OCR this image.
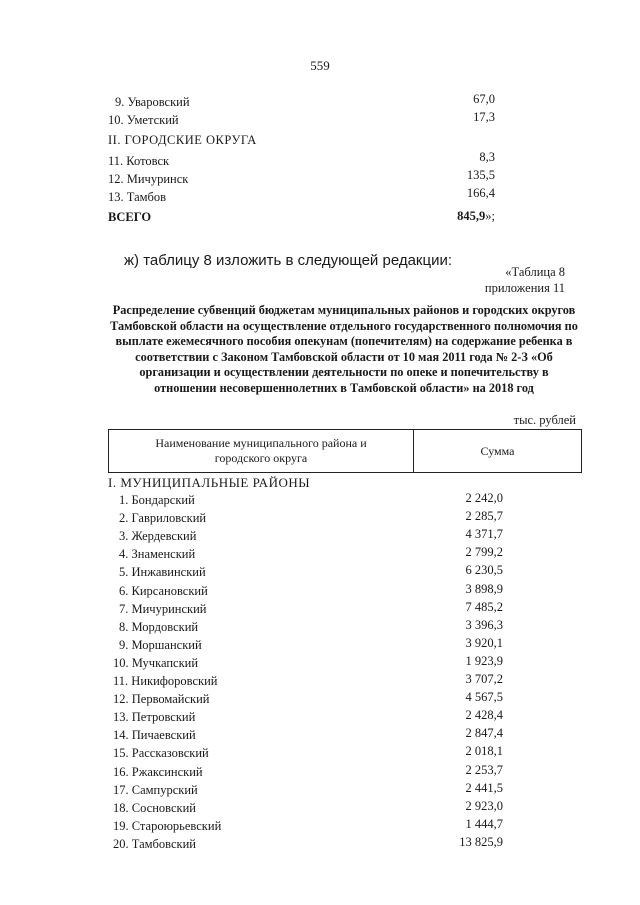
559
9. Уваровский	67,0
10. Уметский	17,3
II. ГОРОДСКИЕ ОКРУГА
11. Котовск	8,3
12. Мичуринск	135,5
13. Тамбов	166,4
ВСЕГО	845,9»;
ж) таблицу 8 изложить в следующей редакции:
«Таблица 8
приложения 11
Распределение субвенций бюджетам муниципальных районов и городских округов Тамбовской области на осуществление отдельного государственного полномочия по выплате ежемесячного пособия опекунам (попечителям) на содержание ребенка в соответствии с Законом Тамбовской области от 10 мая 2011 года № 2-З «Об организации и осуществлении деятельности по опеке и попечительству в отношении несовершеннолетних в Тамбовской области» на 2018 год
тыс. рублей
Наименование муниципального района и городского округа
Сумма
I. МУНИЦИПАЛЬНЫЕ РАЙОНЫ
1. Бондарский	2 242,0
2. Гавриловский	2 285,7
3. Жердевский	4 371,7
4. Знаменский	2 799,2
5. Инжавинский	6 230,5
6. Кирсановский	3 898,9
7. Мичуринский	7 485,2
8. Мордовский	3 396,3
9. Моршанский	3 920,1
10. Мучкапский	1 923,9
11. Никифоровский	3 707,2
12. Первомайский	4 567,5
13. Петровский	2 428,4
14. Пичаевский	2 847,4
15. Рассказовский	2 018,1
16. Ржаксинский	2 253,7
17. Сампурский	2 441,5
18. Сосновский	2 923,0
19. Староюрьевский	1 444,7
20. Тамбовский	13 825,9
